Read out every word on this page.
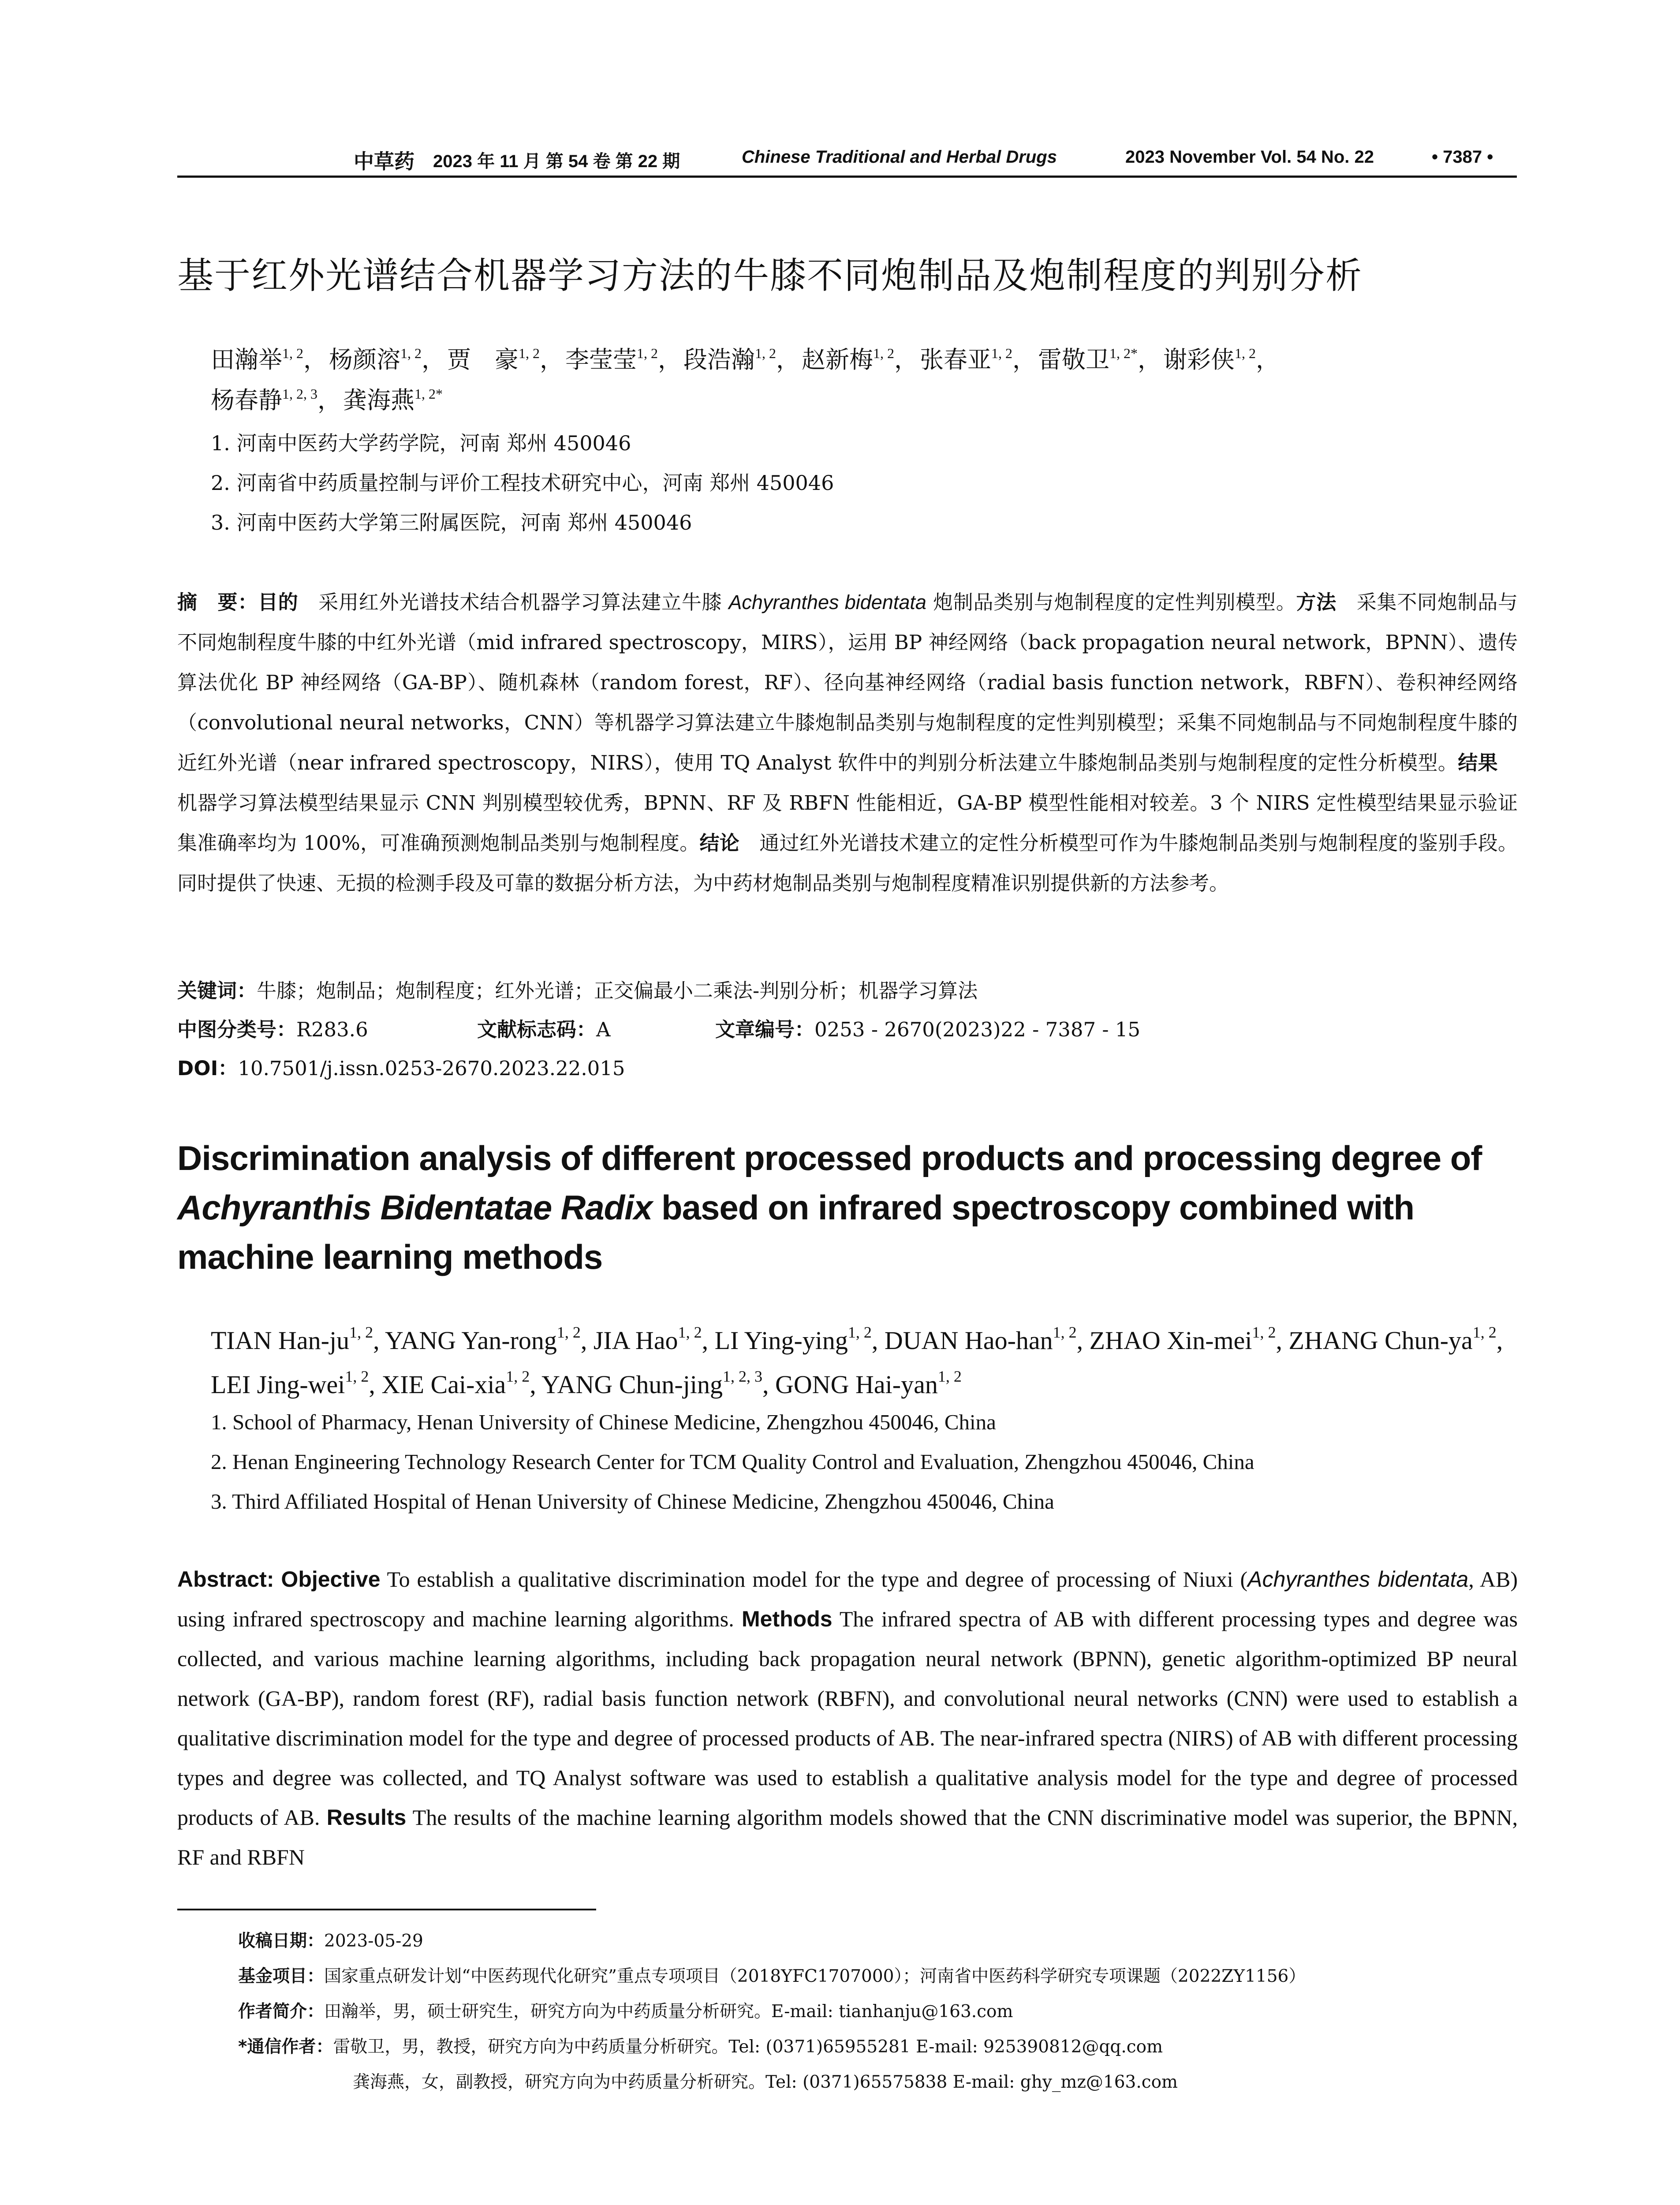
中草药 2023 年 11 月 第 54 卷 第 22 期	Chinese Traditional and Herbal Drugs	2023 November Vol. 54 No. 22	• 7387 •
基于红外光谱结合机器学习方法的牛膝不同炮制品及炮制程度的判别分析
田瀚举$^{1, 2}$，杨颜溶$^{1, 2}$，贾　豪$^{1, 2}$，李莹莹$^{1, 2}$，段浩瀚$^{1, 2}$，赵新梅$^{1, 2}$，张春亚$^{1, 2}$，雷敬卫$^{1, 2*}$，谢彩侠$^{1, 2}$，
杨春静$^{1, 2, 3}$，龚海燕$^{1, 2*}$
1. 河南中医药大学药学院，河南 郑州 450046
2. 河南省中药质量控制与评价工程技术研究中心，河南 郑州 450046
3. 河南中医药大学第三附属医院，河南 郑州 450046
摘　要：目的　采用红外光谱技术结合机器学习算法建立牛膝 Achyranthes bidentata 炮制品类别与炮制程度的定性判别模型。方法　采集不同炮制品与不同炮制程度牛膝的中红外光谱（mid infrared spectroscopy，MIRS），运用 BP 神经网络（back propagation neural network，BPNN）、遗传算法优化 BP 神经网络（GA-BP）、随机森林（random forest，RF）、径向基神经网络（radial basis function network，RBFN）、卷积神经网络（convolutional neural networks，CNN）等机器学习算法建立牛膝炮制品类别与炮制程度的定性判别模型；采集不同炮制品与不同炮制程度牛膝的近红外光谱（near infrared spectroscopy，NIRS），使用 TQ Analyst 软件中的判别分析法建立牛膝炮制品类别与炮制程度的定性分析模型。结果　机器学习算法模型结果显示 CNN 判别模型较优秀，BPNN、RF 及 RBFN 性能相近，GA-BP 模型性能相对较差。3 个 NIRS 定性模型结果显示验证集准确率均为 100%，可准确预测炮制品类别与炮制程度。结论　通过红外光谱技术建立的定性分析模型可作为牛膝炮制品类别与炮制程度的鉴别手段。同时提供了快速、无损的检测手段及可靠的数据分析方法，为中药材炮制品类别与炮制程度精准识别提供新的方法参考。
关键词：牛膝；炮制品；炮制程度；红外光谱；正交偏最小二乘法-判别分析；机器学习算法
中图分类号：R283.6	文献标志码：A	文章编号：0253 - 2670(2023)22 - 7387 - 15
DOI：10.7501/j.issn.0253-2670.2023.22.015
Discrimination analysis of different processed products and processing degree of Achyranthis Bidentatae Radix based on infrared spectroscopy combined with machine learning methods
TIAN Han-ju$^{1, 2}$, YANG Yan-rong$^{1, 2}$, JIA Hao$^{1, 2}$, LI Ying-ying$^{1, 2}$, DUAN Hao-han$^{1, 2}$, ZHAO Xin-mei$^{1, 2}$, ZHANG Chun-ya$^{1, 2}$, LEI Jing-wei$^{1, 2}$, XIE Cai-xia$^{1, 2}$, YANG Chun-jing$^{1, 2, 3}$, GONG Hai-yan$^{1, 2}$
1. School of Pharmacy, Henan University of Chinese Medicine, Zhengzhou 450046, China
2. Henan Engineering Technology Research Center for TCM Quality Control and Evaluation, Zhengzhou 450046, China
3. Third Affiliated Hospital of Henan University of Chinese Medicine, Zhengzhou 450046, China
Abstract: Objective To establish a qualitative discrimination model for the type and degree of processing of Niuxi (Achyranthes bidentata, AB) using infrared spectroscopy and machine learning algorithms. Methods The infrared spectra of AB with different processing types and degree was collected, and various machine learning algorithms, including back propagation neural network (BPNN), genetic algorithm-optimized BP neural network (GA-BP), random forest (RF), radial basis function network (RBFN), and convolutional neural networks (CNN) were used to establish a qualitative discrimination model for the type and degree of processed products of AB. The near-infrared spectra (NIRS) of AB with different processing types and degree was collected, and TQ Analyst software was used to establish a qualitative analysis model for the type and degree of processed products of AB. Results The results of the machine learning algorithm models showed that the CNN discriminative model was superior, the BPNN, RF and RBFN
收稿日期：2023-05-29
基金项目：国家重点研发计划“中医药现代化研究”重点专项项目（2018YFC1707000）；河南省中医药科学研究专项课题（2022ZY1156）
作者简介：田瀚举，男，硕士研究生，研究方向为中药质量分析研究。E-mail: tianhanju@163.com
*通信作者：雷敬卫，男，教授，研究方向为中药质量分析研究。Tel: (0371)65955281 E-mail: 925390812@qq.com
龚海燕，女，副教授，研究方向为中药质量分析研究。Tel: (0371)65575838 E-mail: ghy_mz@163.com
